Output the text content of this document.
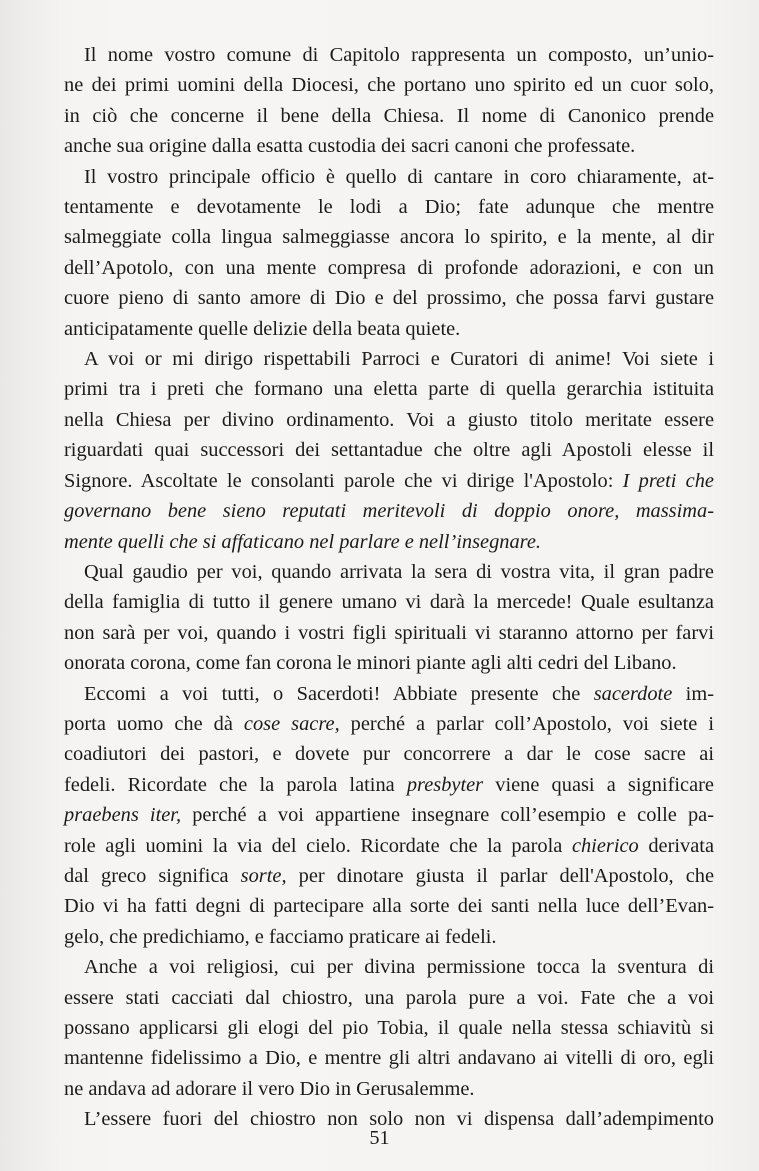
Il nome vostro comune di Capitolo rappresenta un composto, un’unio-
ne dei primi uomini della Diocesi, che portano uno spirito ed un cuor solo,
in ciò che concerne il bene della Chiesa. Il nome di Canonico prende
anche sua origine dalla esatta custodia dei sacri canoni che professate.

Il vostro principale officio è quello di cantare in coro chiaramente, at-
tentamente e devotamente le lodi a Dio; fate adunque che mentre
salmeggiate colla lingua salmeggiasse ancora lo spirito, e la mente, al dir
dell’Apotolo, con una mente compresa di profonde adorazioni, e con un
cuore pieno di santo amore di Dio e del prossimo, che possa farvi gustare
anticipatamente quelle delizie della beata quiete.

A voi or mi dirigo rispettabili Parroci e Curatori di anime! Voi siete i
primi tra i preti che formano una eletta parte di quella gerarchia istituita
nella Chiesa per divino ordinamento. Voi a giusto titolo meritate essere
riguardati quai successori dei settantadue che oltre agli Apostoli elesse il
Signore. Ascoltate le consolanti parole che vi dirige l'Apostolo: I preti che
governano bene sieno reputati meritevoli di doppio onore, massima-
mente quelli che si affaticano nel parlare e nell’insegnare.

Qual gaudio per voi, quando arrivata la sera di vostra vita, il gran padre
della famiglia di tutto il genere umano vi darà la mercede! Quale esultanza
non sarà per voi, quando i vostri figli spirituali vi staranno attorno per farvi
onorata corona, come fan corona le minori piante agli alti cedri del Libano.

Eccomi a voi tutti, o Sacerdoti! Abbiate presente che sacerdote im-
porta uomo che dà cose sacre, perché a parlar coll’Apostolo, voi siete i
coadiutori dei pastori, e dovete pur concorrere a dar le cose sacre ai
fedeli. Ricordate che la parola latina presbyter viene quasi a significare
praebens iter, perché a voi appartiene insegnare coll’esempio e colle pa-
role agli uomini la via del cielo. Ricordate che la parola chierico derivata
dal greco significa sorte, per dinotare giusta il parlar dell'Apostolo, che
Dio vi ha fatti degni di partecipare alla sorte dei santi nella luce dell’Evan-
gelo, che predichiamo, e facciamo praticare ai fedeli.

Anche a voi religiosi, cui per divina permissione tocca la sventura di
essere stati cacciati dal chiostro, una parola pure a voi. Fate che a voi
possano applicarsi gli elogi del pio Tobia, il quale nella stessa schiavitù si
mantenne fidelissimo a Dio, e mentre gli altri andavano ai vitelli di oro, egli
ne andava ad adorare il vero Dio in Gerusalemme.

L’essere fuori del chiostro non solo non vi dispensa dall’adempimento

51
